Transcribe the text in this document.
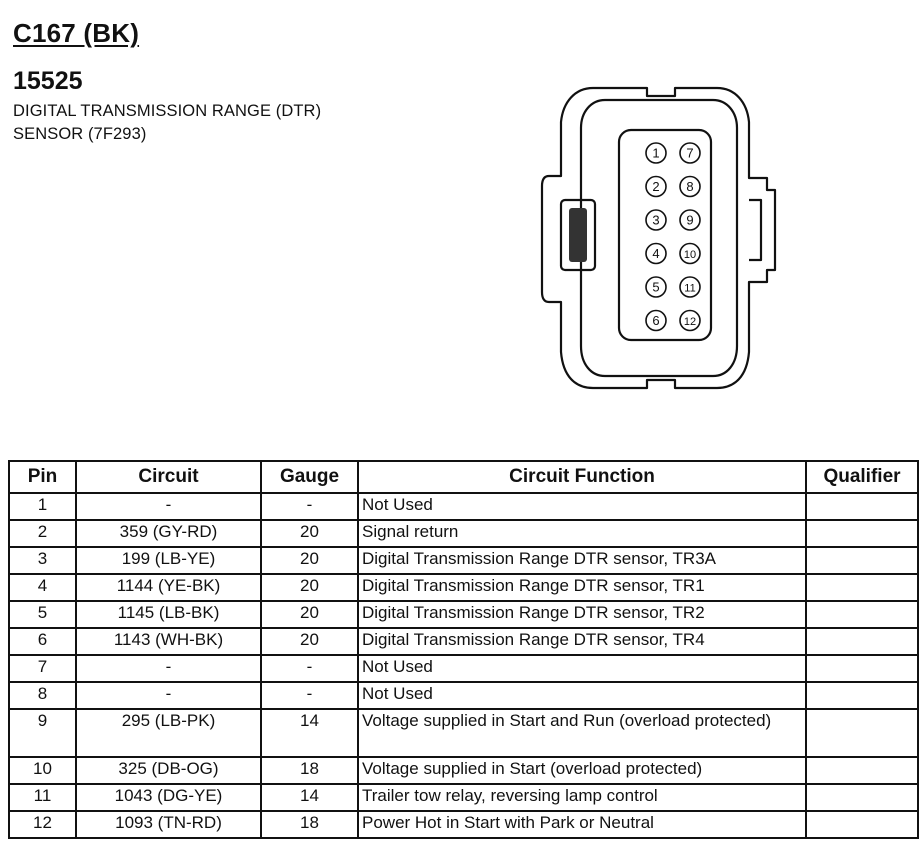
C167 (BK)
15525
DIGITAL TRANSMISSION RANGE (DTR)
SENSOR (7F293)
1
2
3
4
5
6
7
8
9
10
11
12
Pin	Circuit	Gauge	Circuit Function	Qualifier
1	-	-	Not Used	
2	359 (GY-RD)	20	Signal return	
3	199 (LB-YE)	20	Digital Transmission Range DTR sensor, TR3A	
4	1144 (YE-BK)	20	Digital Transmission Range DTR sensor, TR1	
5	1145 (LB-BK)	20	Digital Transmission Range DTR sensor, TR2	
6	1143 (WH-BK)	20	Digital Transmission Range DTR sensor, TR4	
7	-	-	Not Used	
8	-	-	Not Used	
9	295 (LB-PK)	14	Voltage supplied in Start and Run (overload protected)	
10	325 (DB-OG)	18	Voltage supplied in Start (overload protected)	
11	1043 (DG-YE)	14	Trailer tow relay, reversing lamp control	
12	1093 (TN-RD)	18	Power Hot in Start with Park or Neutral	
